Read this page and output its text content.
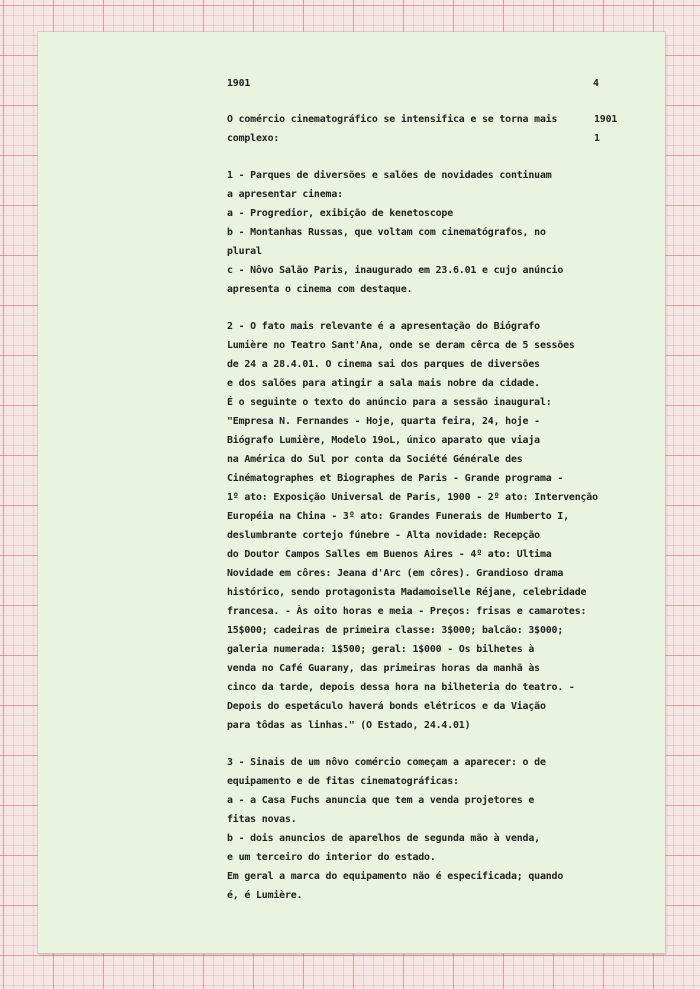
1901	4
1901
1
O comércio cinematográfico se intensifica e se torna mais
complexo:
1 - Parques de diversões e salões de novidades continuam
a apresentar cinema:
a - Progredior, exibição de kenetoscope
b - Montanhas Russas, que voltam com cinematógrafos, no
plural
c - Nôvo Salão Paris, inaugurado em 23.6.01 e cujo anúncio
apresenta o cinema com destaque.
2 - O fato mais relevante é a apresentação do Biógrafo
Lumière no Teatro Sant'Ana, onde se deram cêrca de 5 sessões
de 24 a 28.4.01. O cinema sai dos parques de diversões
e dos salões para atingir a sala mais nobre da cidade.
É o seguinte o texto do anúncio para a sessão inaugural:
"Empresa N. Fernandes - Hoje, quarta feira, 24, hoje -
Biógrafo Lumière, Modelo 19oL, único aparato que viaja
na América do Sul por conta da Société Générale des
Cinématographes et Biographes de Paris - Grande programa -
1º ato: Exposição Universal de Paris, 1900 - 2º ato: Intervenção
Européia na China - 3º ato: Grandes Funerais de Humberto I,
deslumbrante cortejo fúnebre - Alta novidade: Recepção
do Doutor Campos Salles em Buenos Aires - 4º ato: Ultima
Novidade em côres: Jeana d'Arc (em côres). Grandioso drama
histórico, sendo protagonista Madamoiselle Réjane, celebridade
francesa. - Às oito horas e meia - Preços: frisas e camarotes:
15$000; cadeiras de primeira classe: 3$000; balcão: 3$000;
galeria numerada: 1$500; geral: 1$000 - Os bilhetes à
venda no Café Guarany, das primeiras horas da manhã às
cinco da tarde, depois dessa hora na bilheteria do teatro. -
Depois do espetáculo haverá bonds elétricos e da Viação
para tôdas as linhas." (O Estado, 24.4.01)
3 - Sinais de um nôvo comércio começam a aparecer: o de
equipamento e de fitas cinematográficas:
a - a Casa Fuchs anuncia que tem a venda projetores e
fitas novas.
b - dois anuncios de aparelhos de segunda mão à venda,
e um terceiro do interior do estado.
Em geral a marca do equipamento não é especificada; quando
é, é Lumière.
